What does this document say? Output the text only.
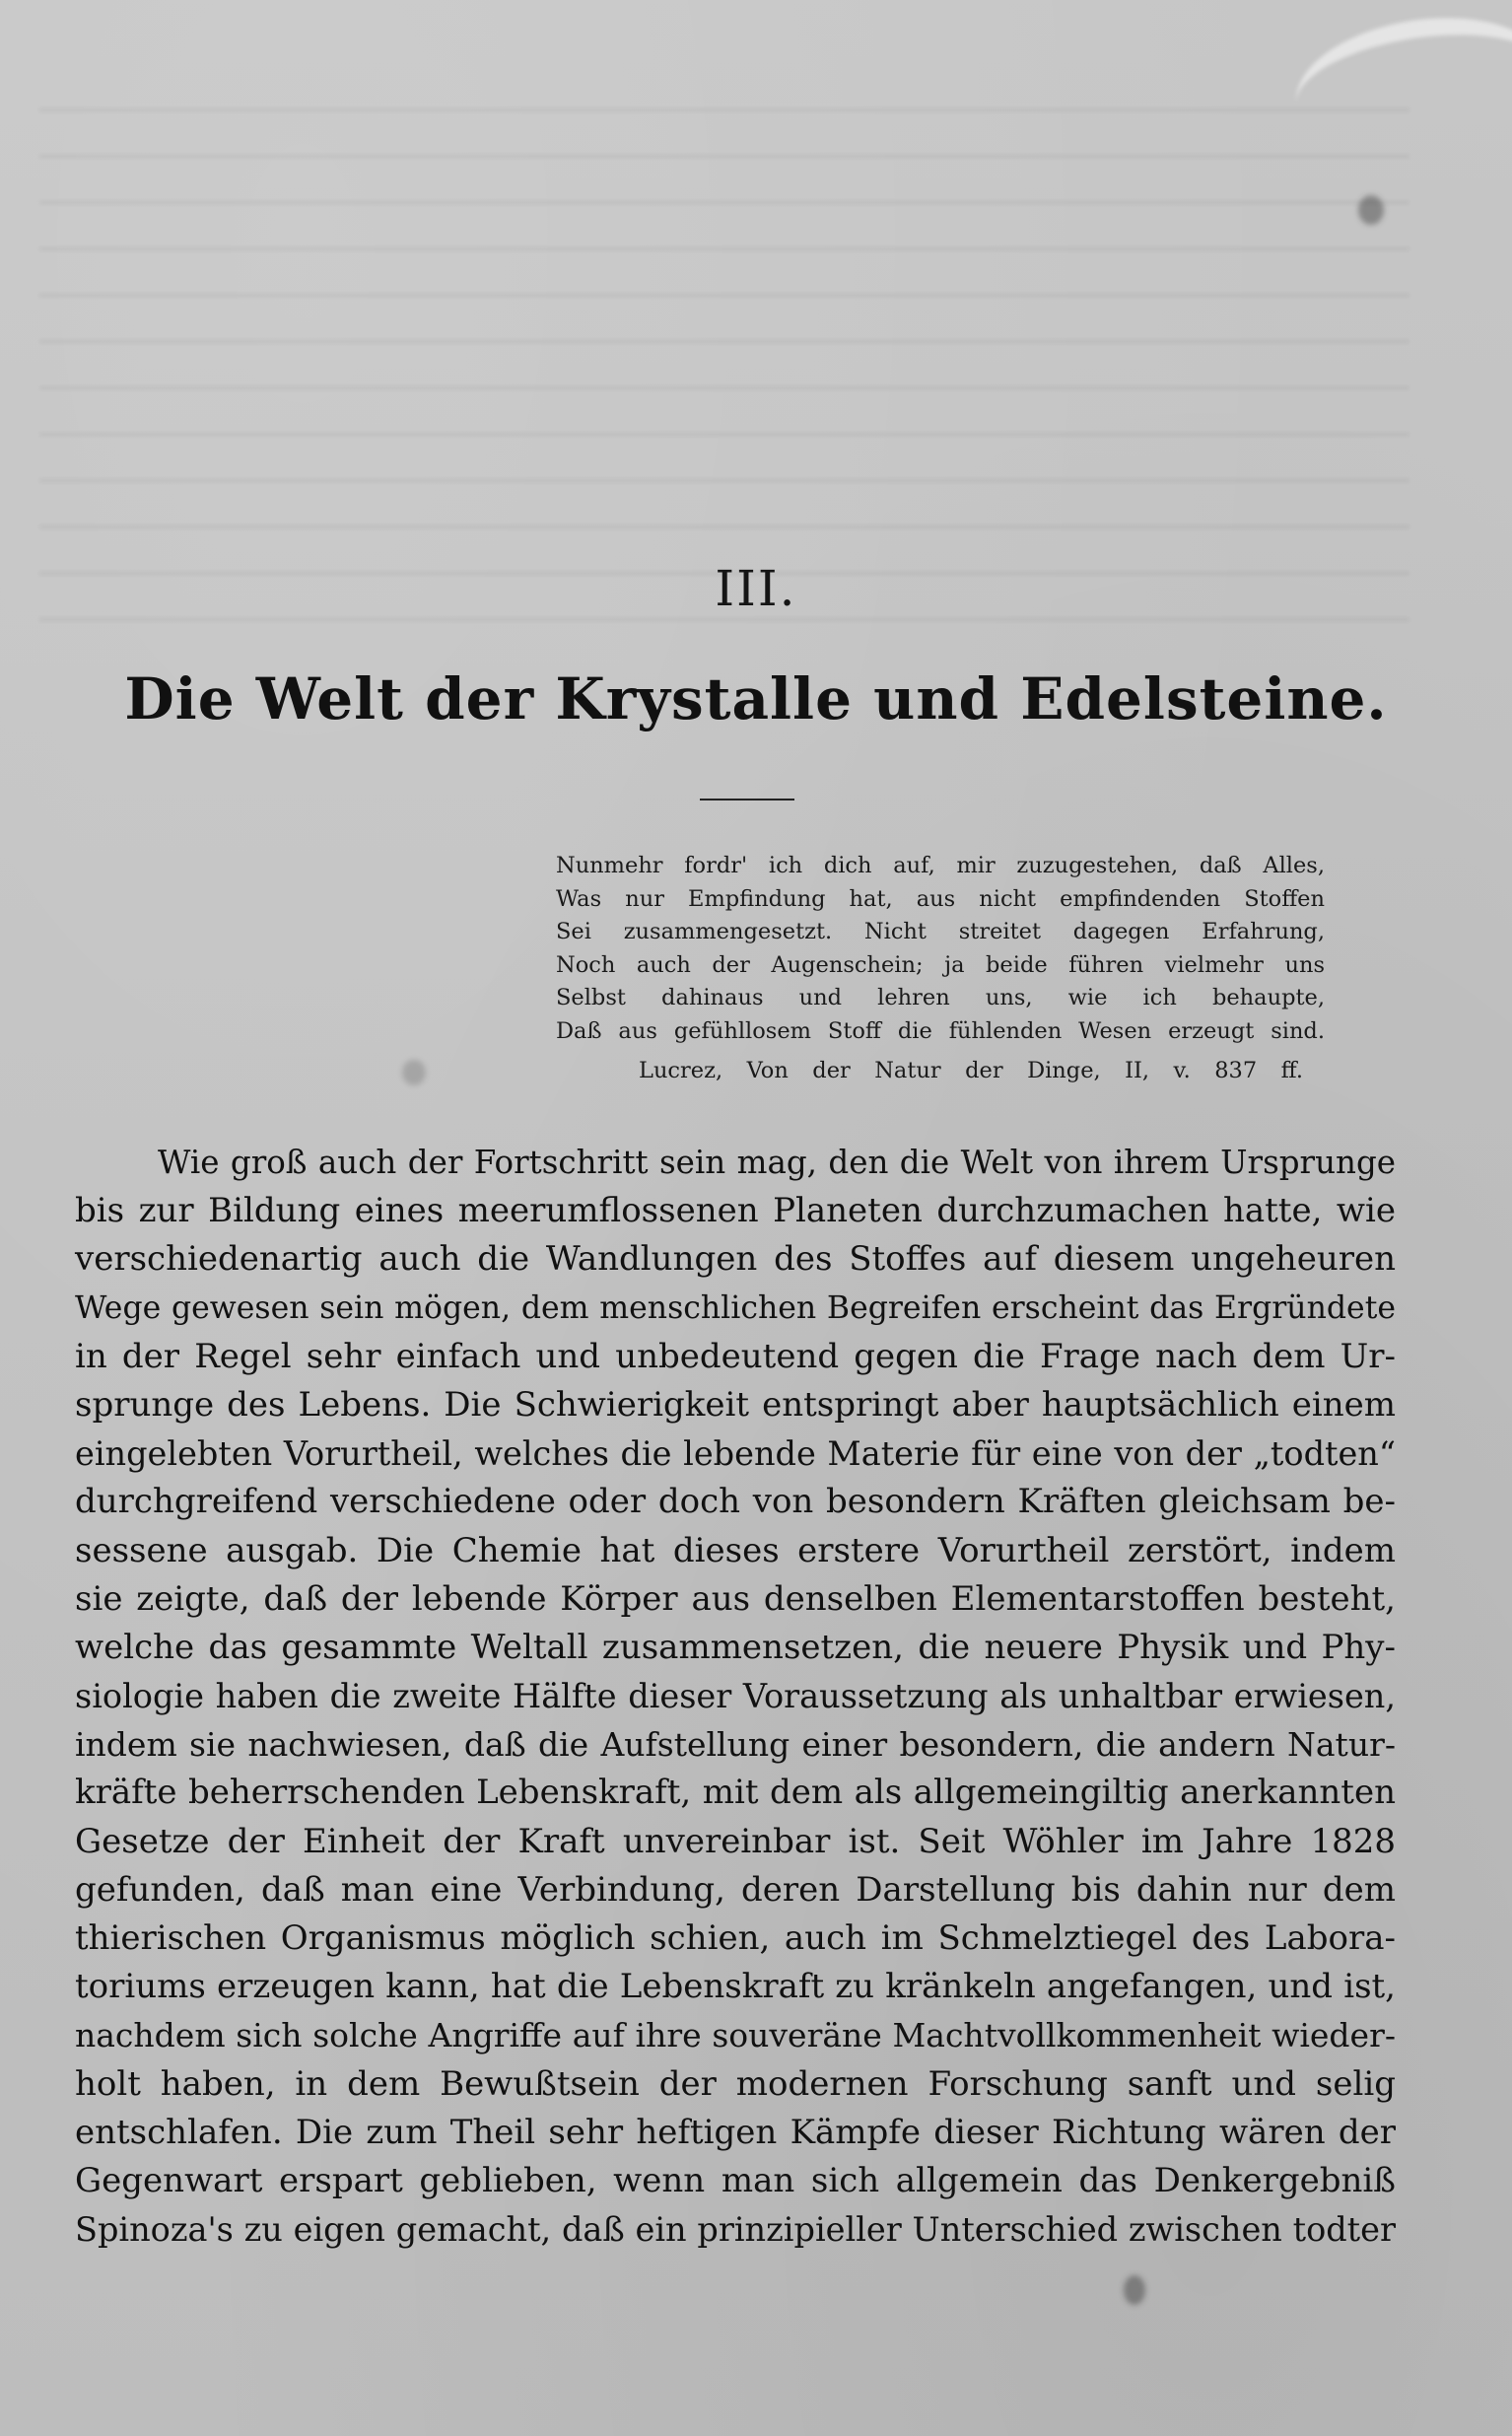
III.
Die Welt der Krystalle und Edelsteine.
Nunmehr fordr' ich dich auf, mir zuzugestehen, daß Alles,
Was nur Empfindung hat, aus nicht empfindenden Stoffen
Sei zusammengesetzt. Nicht streitet dagegen Erfahrung,
Noch auch der Augenschein; ja beide führen vielmehr uns
Selbst dahinaus und lehren uns, wie ich behaupte,
Daß aus gefühllosem Stoff die fühlenden Wesen erzeugt sind.
Lucrez, Von der Natur der Dinge, II, v. 837 ff.
Wie groß auch der Fortschritt sein mag, den die Welt von ihrem Ursprunge
bis zur Bildung eines meerumflossenen Planeten durchzumachen hatte, wie
verschiedenartig auch die Wandlungen des Stoffes auf diesem ungeheuren
Wege gewesen sein mögen, dem menschlichen Begreifen erscheint das Ergründete
in der Regel sehr einfach und unbedeutend gegen die Frage nach dem Ur-
sprunge des Lebens. Die Schwierigkeit entspringt aber hauptsächlich einem
eingelebten Vorurtheil, welches die lebende Materie für eine von der „todten“
durchgreifend verschiedene oder doch von besondern Kräften gleichsam be-
sessene ausgab. Die Chemie hat dieses erstere Vorurtheil zerstört, indem
sie zeigte, daß der lebende Körper aus denselben Elementarstoffen besteht,
welche das gesammte Weltall zusammensetzen, die neuere Physik und Phy-
siologie haben die zweite Hälfte dieser Voraussetzung als unhaltbar erwiesen,
indem sie nachwiesen, daß die Aufstellung einer besondern, die andern Natur-
kräfte beherrschenden Lebenskraft, mit dem als allgemeingiltig anerkannten
Gesetze der Einheit der Kraft unvereinbar ist. Seit Wöhler im Jahre 1828
gefunden, daß man eine Verbindung, deren Darstellung bis dahin nur dem
thierischen Organismus möglich schien, auch im Schmelztiegel des Labora-
toriums erzeugen kann, hat die Lebenskraft zu kränkeln angefangen, und ist,
nachdem sich solche Angriffe auf ihre souveräne Machtvollkommenheit wieder-
holt haben, in dem Bewußtsein der modernen Forschung sanft und selig
entschlafen. Die zum Theil sehr heftigen Kämpfe dieser Richtung wären der
Gegenwart erspart geblieben, wenn man sich allgemein das Denkergebniß
Spinoza's zu eigen gemacht, daß ein prinzipieller Unterschied zwischen todter
